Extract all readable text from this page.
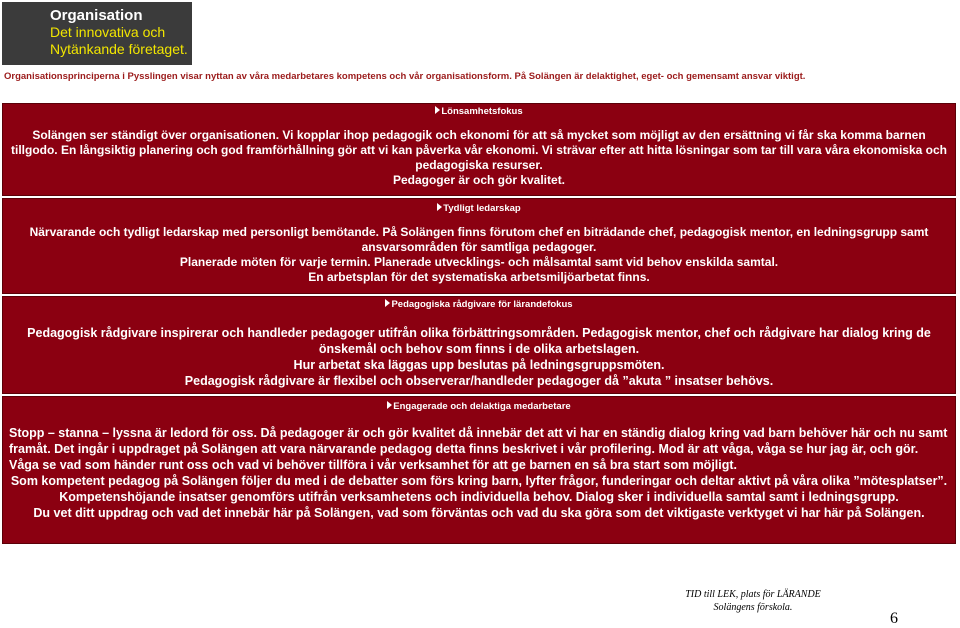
Organisation
Det innovativa och
Nytänkande företaget.
Organisationsprinciperna i Pysslingen visar nyttan av våra medarbetares kompetens och vår organisationsform. På Solängen är delaktighet, eget- och gemensamt ansvar viktigt.
Lönsamhetsfokus

Solängen ser ständigt över organisationen. Vi kopplar ihop pedagogik och ekonomi för att så mycket som möjligt av den ersättning vi får ska komma barnen tillgodo. En långsiktig planering och god framförhållning gör att vi kan påverka vår ekonomi. Vi strävar efter att hitta lösningar som tar till vara våra ekonomiska och pedagogiska resurser.

Pedagoger är och gör kvalitet.

Tydligt ledarskap

Närvarande och tydligt ledarskap med personligt bemötande. På Solängen finns förutom chef en biträdande chef, pedagogisk mentor, en ledningsgrupp samt ansvarsområden för samtliga pedagoger.

Planerade möten för varje termin. Planerade utvecklings- och målsamtal samt vid behov enskilda samtal.

En arbetsplan för det systematiska arbetsmiljöarbetat finns.

Pedagogiska rådgivare för lärandefokus

Pedagogisk rådgivare inspirerar och handleder pedagoger utifrån olika förbättringsområden. Pedagogisk mentor, chef och rådgivare har dialog kring de önskemål och behov som finns i de olika arbetslagen.

Hur arbetat ska läggas upp beslutas på ledningsgruppsmöten.

Pedagogisk rådgivare är flexibel och observerar/handleder pedagoger då ”akuta ” insatser behövs.

Engagerade och delaktiga medarbetare

Stopp – stanna – lyssna är ledord för oss. Då pedagoger är och gör kvalitet då innebär det att vi har en ständig dialog kring vad barn behöver här och nu samt framåt. Det ingår i uppdraget på Solängen att vara närvarande pedagog detta finns beskrivet i vår profilering. Mod är att våga, våga se hur jag är, och gör. Våga se vad som händer runt oss och vad vi behöver tillföra i vår verksamhet för att ge barnen en så bra start som möjligt.

Som kompetent pedagog på Solängen följer du med i de debatter som förs kring barn, lyfter frågor, funderingar och deltar aktivt på våra olika ”mötesplatser”.

Kompetenshöjande insatser genomförs utifrån verksamhetens och individuella behov. Dialog sker i individuella samtal samt i ledningsgrupp.

Du vet ditt uppdrag och vad det innebär här på Solängen, vad som förväntas och vad du ska göra som det viktigaste verktyget vi har här på Solängen.

TID till LEK, plats för LÄRANDE
Solängens förskola.
6
